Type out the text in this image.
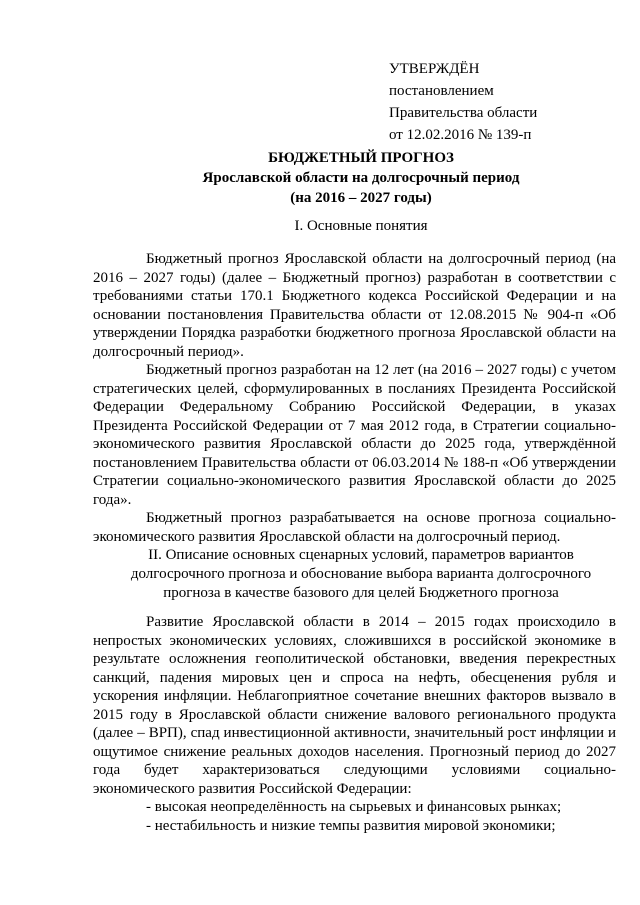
УТВЕРЖДЁН
постановлением
Правительства области
от 12.02.2016 № 139-п
БЮДЖЕТНЫЙ ПРОГНОЗ
Ярославской области на долгосрочный период
(на 2016 – 2027 годы)
I. Основные понятия

Бюджетный прогноз Ярославской области на долгосрочный период (на 2016 – 2027 годы) (далее – Бюджетный прогноз) разработан в соответствии с требованиями статьи 170.1 Бюджетного кодекса Российской Федерации и на основании постановления Правительства области от 12.08.2015 № 904-п «Об утверждении Порядка разработки бюджетного прогноза Ярославской области на долгосрочный период».

Бюджетный прогноз разработан на 12 лет (на 2016 – 2027 годы) с учетом стратегических целей, сформулированных в посланиях Президента Российской Федерации Федеральному Собранию Российской Федерации, в указах Президента Российской Федерации от 7 мая 2012 года, в Стратегии социально-экономического развития Ярославской области до 2025 года, утверждённой постановлением Правительства области от 06.03.2014 № 188-п «Об утверждении Стратегии социально-экономического развития Ярославской области до 2025 года».

Бюджетный прогноз разрабатывается на основе прогноза социально-экономического развития Ярославской области на долгосрочный период.

II. Описание основных сценарных условий, параметров вариантов
долгосрочного прогноза и обоснование выбора варианта долгосрочного
прогноза в качестве базового для целей Бюджетного прогноза

Развитие Ярославской области в 2014 – 2015 годах происходило в непростых экономических условиях, сложившихся в российской экономике в результате осложнения геополитической обстановки, введения перекрестных санкций, падения мировых цен и спроса на нефть, обесценения рубля и ускорения инфляции. Неблагоприятное сочетание внешних факторов вызвало в 2015 году в Ярославской области снижение валового регионального продукта (далее – ВРП), спад инвестиционной активности, значительный рост инфляции и ощутимое снижение реальных доходов населения. Прогнозный период до 2027 года будет характеризоваться следующими условиями социально-экономического развития Российской Федерации:

- высокая неопределённость на сырьевых и финансовых рынках;

- нестабильность и низкие темпы развития мировой экономики;
